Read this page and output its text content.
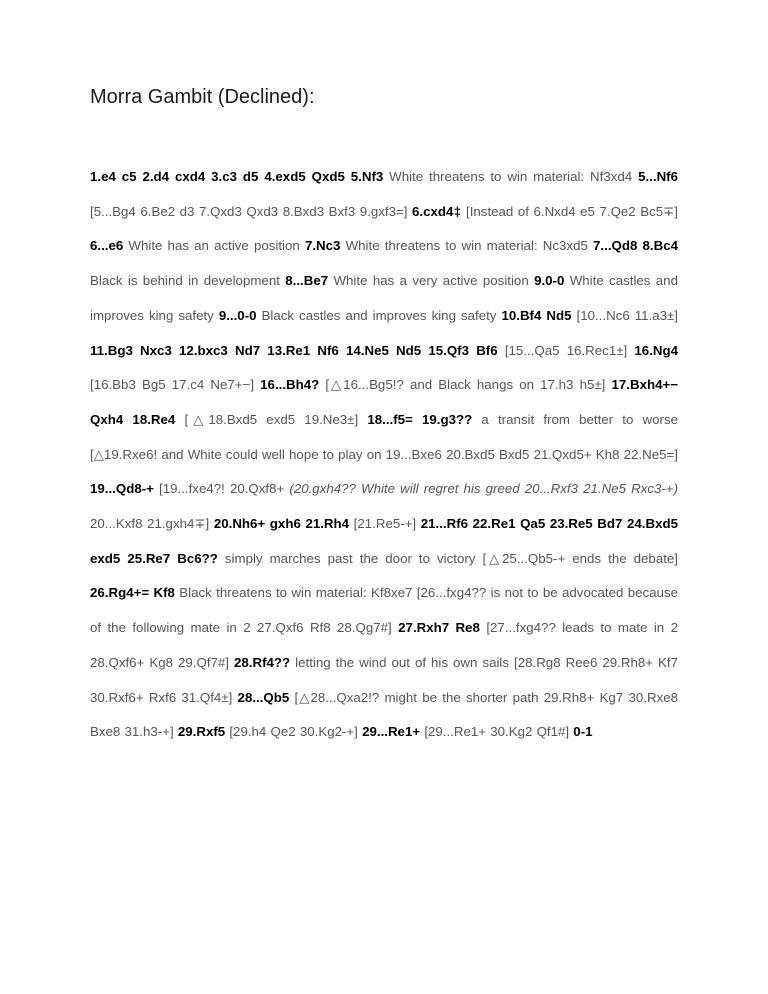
Morra Gambit (Declined):
1.e4 c5 2.d4 cxd4 3.c3 d5 4.exd5 Qxd5 5.Nf3 White threatens to win material: Nf3xd4 5...Nf6 [5...Bg4 6.Be2 d3 7.Qxd3 Qxd3 8.Bxd3 Bxf3 9.gxf3=] 6.cxd4‡ [Instead of 6.Nxd4 e5 7.Qe2 Bc5∓] 6...e6 White has an active position 7.Nc3 White threatens to win material: Nc3xd5 7...Qd8 8.Bc4 Black is behind in development 8...Be7 White has a very active position 9.0-0 White castles and improves king safety 9...0-0 Black castles and improves king safety 10.Bf4 Nd5 [10...Nc6 11.a3±] 11.Bg3 Nxc3 12.bxc3 Nd7 13.Re1 Nf6 14.Ne5 Nd5 15.Qf3 Bf6 [15...Qa5 16.Rec1±] 16.Ng4 [16.Bb3 Bg5 17.c4 Ne7+−] 16...Bh4? [△16...Bg5!? and Black hangs on 17.h3 h5±] 17.Bxh4+− Qxh4 18.Re4 [△18.Bxd5 exd5 19.Ne3±] 18...f5= 19.g3?? a transit from better to worse [△19.Rxe6! and White could well hope to play on 19...Bxe6 20.Bxd5 Bxd5 21.Qxd5+ Kh8 22.Ne5=] 19...Qd8-+ [19...fxe4?! 20.Qxf8+ (20.gxh4?? White will regret his greed 20...Rxf3 21.Ne5 Rxc3-+) 20...Kxf8 21.gxh4∓] 20.Nh6+ gxh6 21.Rh4 [21.Re5-+] 21...Rf6 22.Re1 Qa5 23.Re5 Bd7 24.Bxd5 exd5 25.Re7 Bc6?? simply marches past the door to victory [△25...Qb5-+ ends the debate] 26.Rg4+= Kf8 Black threatens to win material: Kf8xe7 [26...fxg4?? is not to be advocated because of the following mate in 2 27.Qxf6 Rf8 28.Qg7#] 27.Rxh7 Re8 [27...fxg4?? leads to mate in 2 28.Qxf6+ Kg8 29.Qf7#] 28.Rf4?? letting the wind out of his own sails [28.Rg8 Ree6 29.Rh8+ Kf7 30.Rxf6+ Rxf6 31.Qf4±] 28...Qb5 [△28...Qxa2!? might be the shorter path 29.Rh8+ Kg7 30.Rxe8 Bxe8 31.h3-+] 29.Rxf5 [29.h4 Qe2 30.Kg2-+] 29...Re1+ [29...Re1+ 30.Kg2 Qf1#] 0-1
